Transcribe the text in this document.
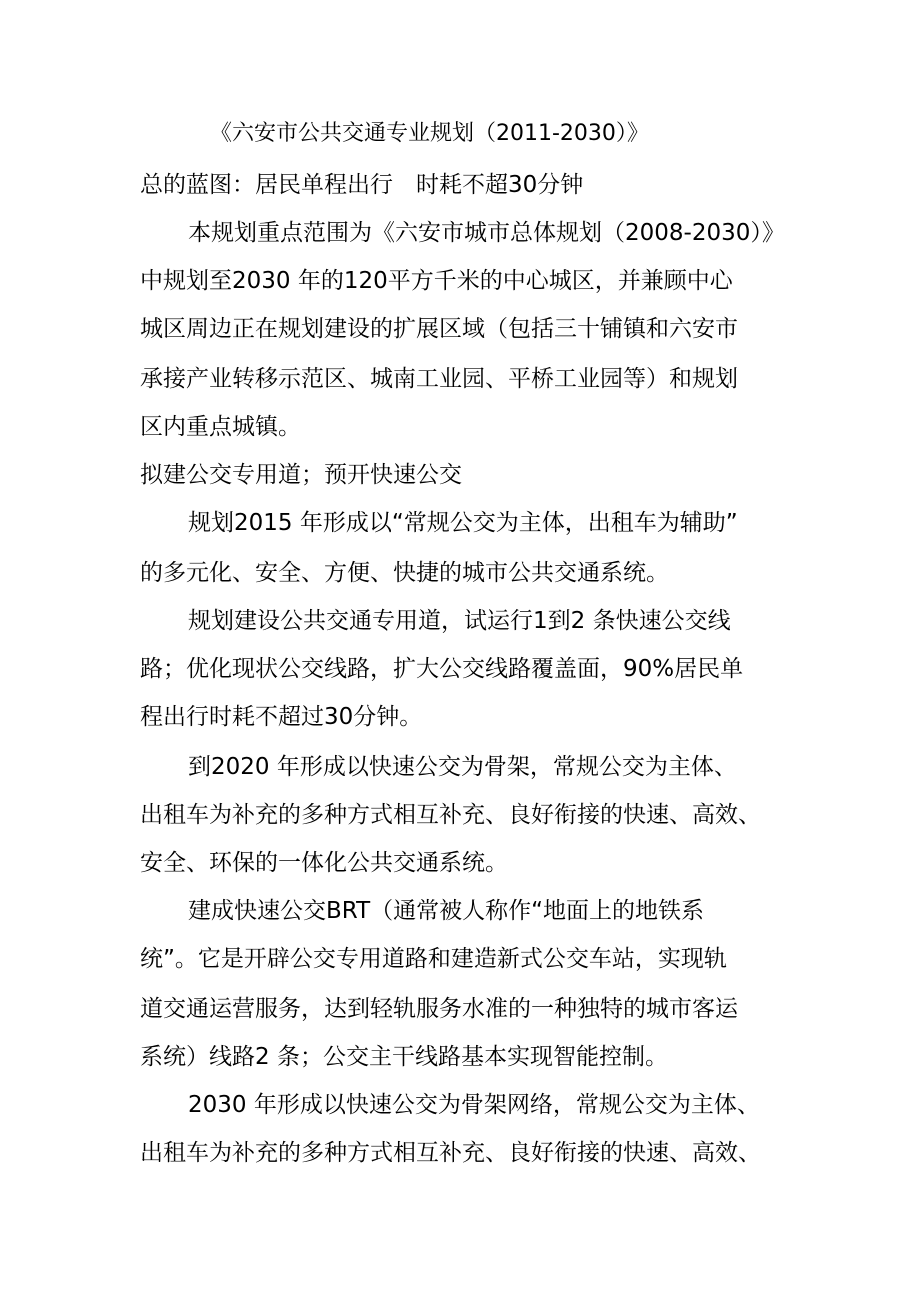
《六安市公共交通专业规划（2011-2030）》
总的蓝图：居民单程出行　时耗不超30分钟
本规划重点范围为《六安市城市总体规划（2008-2030）》
中规划至2030 年的120平方千米的中心城区，并兼顾中心
城区周边正在规划建设的扩展区域（包括三十铺镇和六安市
承接产业转移示范区、城南工业园、平桥工业园等）和规划
区内重点城镇。
拟建公交专用道；预开快速公交
规划2015 年形成以“常规公交为主体，出租车为辅助”
的多元化、安全、方便、快捷的城市公共交通系统。
规划建设公共交通专用道，试运行1到2 条快速公交线
路；优化现状公交线路，扩大公交线路覆盖面，90%居民单
程出行时耗不超过30分钟。
到2020 年形成以快速公交为骨架，常规公交为主体、
出租车为补充的多种方式相互补充、良好衔接的快速、高效、
安全、环保的一体化公共交通系统。
建成快速公交BRT（通常被人称作“地面上的地铁系
统”。它是开辟公交专用道路和建造新式公交车站，实现轨
道交通运营服务，达到轻轨服务水准的一种独特的城市客运
系统）线路2 条；公交主干线路基本实现智能控制。
2030 年形成以快速公交为骨架网络，常规公交为主体、
出租车为补充的多种方式相互补充、良好衔接的快速、高效、
